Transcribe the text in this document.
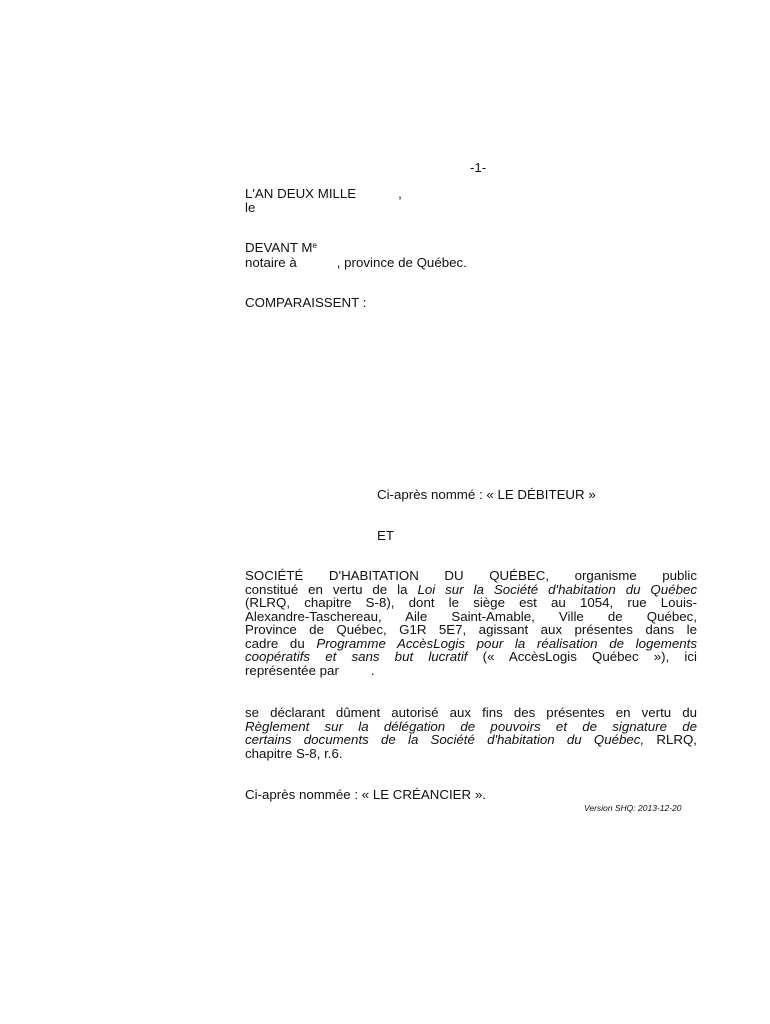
-1-
L'AN DEUX MILLE	,
le
DEVANT Me
notaire à	, province de Québec.
COMPARAISSENT :
Ci-après nommé : « LE DÉBITEUR »
ET
SOCIÉTÉ D'HABITATION DU QUÉBEC, organisme public
constitué en vertu de la Loi sur la Société d'habitation du Québec
(RLRQ, chapitre S-8), dont le siège est au 1054, rue Louis-
Alexandre-Taschereau, Aile Saint-Amable, Ville de Québec,
Province de Québec, G1R 5E7, agissant aux présentes dans le
cadre du Programme AccèsLogis pour la réalisation de logements
coopératifs et sans but lucratif (« AccèsLogis Québec »), ici
représentée par .
se déclarant dûment autorisé aux fins des présentes en vertu du
Règlement sur la délégation de pouvoirs et de signature de
certains documents de la Société d'habitation du Québec, RLRQ,
chapitre S-8, r.6.
Ci-après nommée : « LE CRÉANCIER ».
Version SHQ: 2013-12-20
